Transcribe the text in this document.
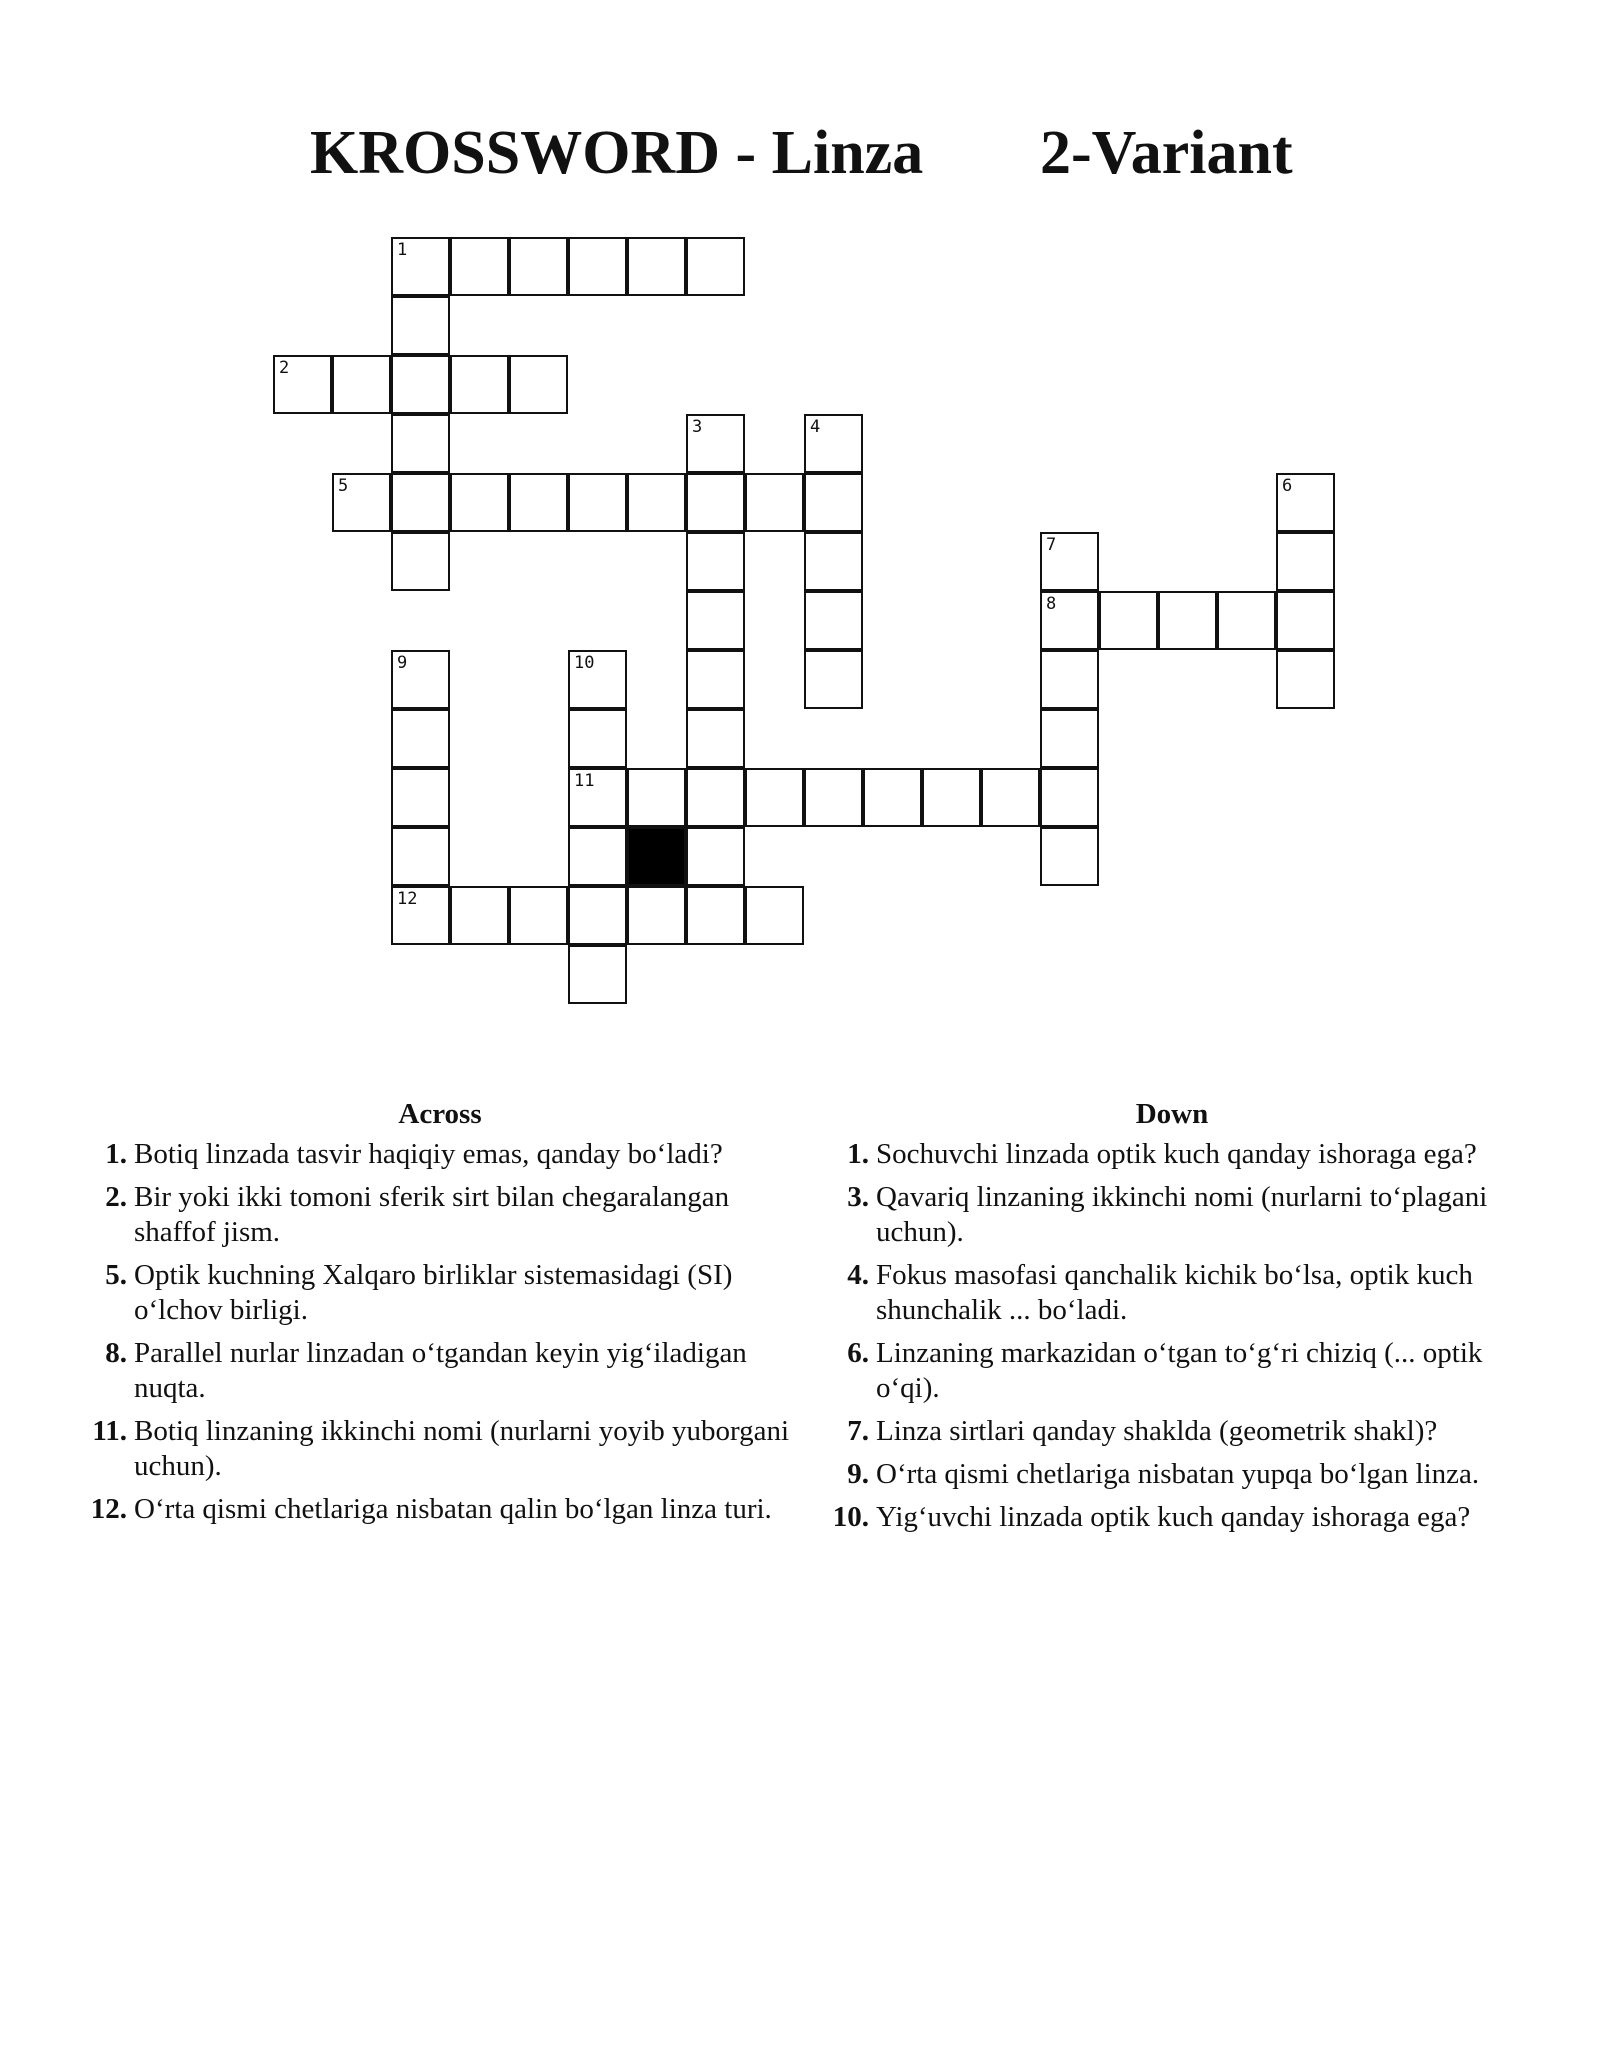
KROSSWORD - Linza 2-Variant
1
2
3	4
5	6
7
8
9	10
11
12
Across
1. Botiq linzada tasvir haqiqiy emas, qanday bo‘ladi?
2. Bir yoki ikki tomoni sferik sirt bilan chegaralangan shaffof jism.
5. Optik kuchning Xalqaro birliklar sistemasidagi (SI) o‘lchov birligi.
8. Parallel nurlar linzadan o‘tgandan keyin yig‘iladigan nuqta.
11. Botiq linzaning ikkinchi nomi (nurlarni yoyib yuborgani uchun).
12. O‘rta qismi chetlariga nisbatan qalin bo‘lgan linza turi.
Down
1. Sochuvchi linzada optik kuch qanday ishoraga ega?
3. Qavariq linzaning ikkinchi nomi (nurlarni to‘plagani uchun).
4. Fokus masofasi qanchalik kichik bo‘lsa, optik kuch shunchalik ... bo‘ladi.
6. Linzaning markazidan o‘tgan to‘g‘ri chiziq (... optik o‘qi).
7. Linza sirtlari qanday shaklda (geometrik shakl)?
9. O‘rta qismi chetlariga nisbatan yupqa bo‘lgan linza.
10. Yig‘uvchi linzada optik kuch qanday ishoraga ega?
